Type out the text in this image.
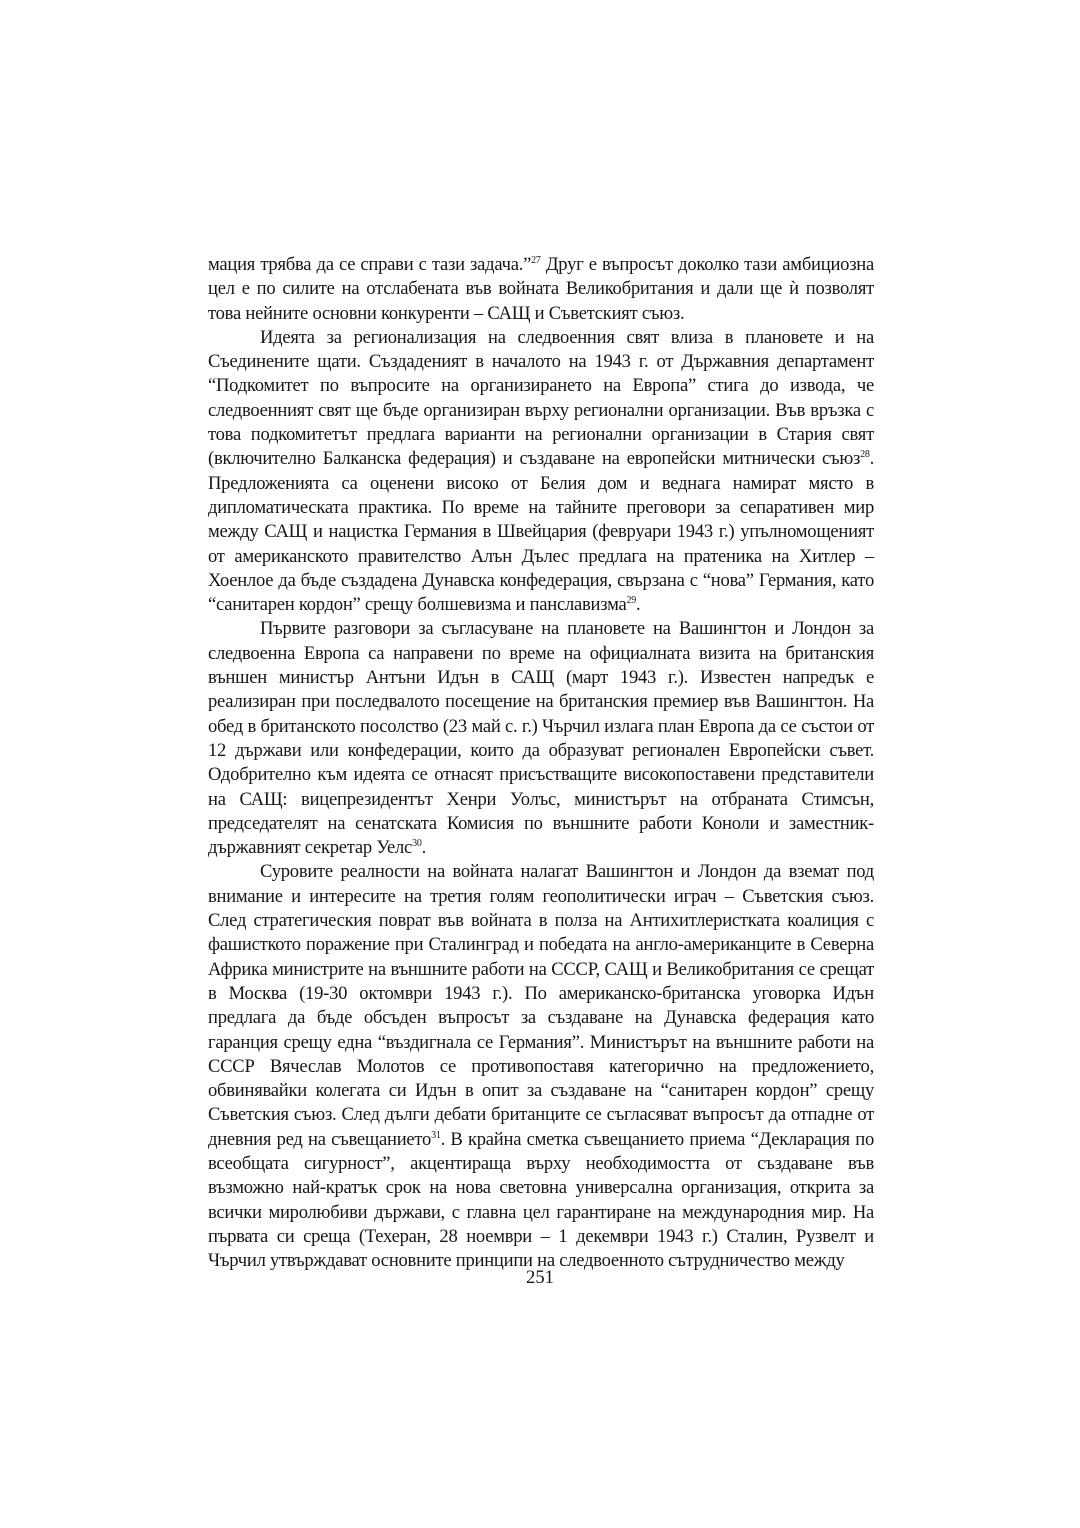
мация трябва да се справи с тази задача.”$^{27}$ Друг е въпросът доколко тази амбициозна цел е по силите на отслабената във войната Великобритания и дали ще ѝ позволят това нейните основни конкуренти – САЩ и Съветският съюз.

Идеята за регионализация на следвоенния свят влиза в плановете и на Съединените щати. Създаденият в началото на 1943 г. от Държавния департамент “Подкомитет по въпросите на организирането на Европа” стига до извода, че следвоенният свят ще бъде организиран върху регионални организации. Във връзка с това подкомитетът предлага варианти на регионални организации в Стария свят (включително Балканска федерация) и създаване на европейски митнически съюз$^{28}$. Предложенията са оценени високо от Белия дом и веднага намират място в дипломатическата практика. По време на тайните преговори за сепаративен мир между САЩ и нацистка Германия в Швейцария (февруари 1943 г.) упълномощеният от американското правителство Алън Дълес предлага на пратеника на Хитлер – Хоенлое да бъде създадена Дунавска конфедерация, свързана с “нова” Германия, като “санитарен кордон” срещу болшевизма и панславизма$^{29}$.

Първите разговори за съгласуване на плановете на Вашингтон и Лондон за следвоенна Европа са направени по време на официалната визита на британския външен министър Антъни Идън в САЩ (март 1943 г.). Известен напредък е реализиран при последвалото посещение на британския премиер във Вашингтон. На обед в британското посолство (23 май с. г.) Чърчил излага план Европа да се състои от 12 държави или конфедерации, които да образуват регионален Европейски съвет. Одобрително към идеята се отнасят присъстващите високопоставени представители на САЩ: вицепрезидентът Хенри Уолъс, министърът на отбраната Стимсън, председателят на сенатската Комисия по външните работи Коноли и заместник-държавният секретар Уелс$^{30}$.

Суровите реалности на войната налагат Вашингтон и Лондон да вземат под внимание и интересите на третия голям геополитически играч – Съветския съюз. След стратегическия поврат във войната в полза на Антихитлеристката коалиция с фашисткото поражение при Сталинград и победата на англо-американците в Северна Африка министрите на външните работи на СССР, САЩ и Великобритания се срещат в Москва (19-30 октомври 1943 г.). По американско-британска уговорка Идън предлага да бъде обсъден въпросът за създаване на Дунавска федерация като гаранция срещу една “въздигнала се Германия”. Министърът на външните работи на СССР Вячеслав Молотов се противопоставя категорично на предложението, обвинявайки колегата си Идън в опит за създаване на “санитарен кордон” срещу Съветския съюз. След дълги дебати британците се съгласяват въпросът да отпадне от дневния ред на съвещанието$^{31}$. В крайна сметка съвещанието приема “Декларация по всеобщата сигурност”, акцентираща върху необходимостта от създаване във възможно най-кратък срок на нова световна универсална организация, открита за всички миролюбиви държави, с главна цел гарантиране на международния мир. На първата си среща (Техеран, 28 ноември – 1 декември 1943 г.) Сталин, Рузвелт и Чърчил утвърждават основните принципи на следвоенното сътрудничество между

251
